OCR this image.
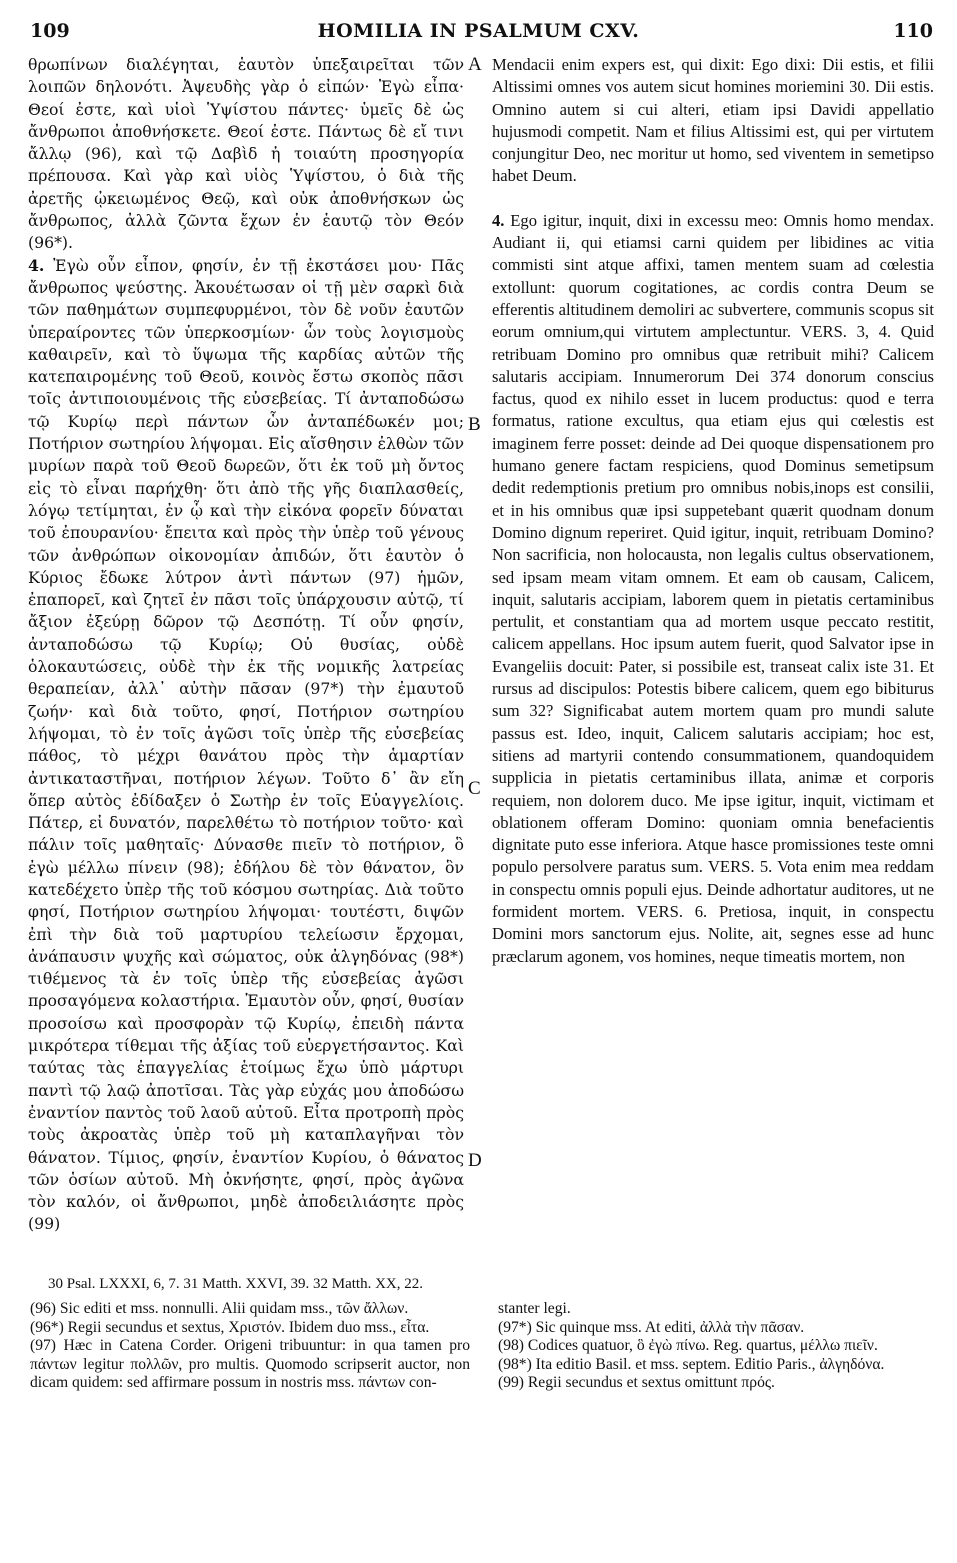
109	HOMILIA IN PSALMUM CXV.	110

θρωπίνων διαλέγηται, ἑαυτὸν ὑπεξαιρεῖται τῶν λοιπῶν δηλονότι. Ἀψευδὴς γὰρ ὁ εἰπών· Ἐγὼ εἶπα· Θεοί ἐστε, καὶ υἱοὶ Ὑψίστου πάντες· ὑμεῖς δὲ ὡς ἄνθρωποι ἀποθνήσκετε. Θεοί ἐστε. Πάντως δὲ εἴ τινι ἄλλῳ (96), καὶ τῷ Δαβὶδ ἡ τοιαύτη προσηγορία πρέπουσα. Καὶ γὰρ καὶ υἱὸς Ὑψίστου, ὁ διὰ τῆς ἀρετῆς ᾠκειωμένος Θεῷ, καὶ οὐκ ἀποθνήσκων ὡς ἄνθρωπος, ἀλλὰ ζῶντα ἔχων ἐν ἑαυτῷ τὸν Θεόν (96*).

4. Ἐγὼ οὖν εἶπον, φησίν, ἐν τῇ ἐκστάσει μου· Πᾶς ἄνθρωπος ψεύστης. Ἀκουέτωσαν οἱ τῇ μὲν σαρκὶ διὰ τῶν παθημάτων συμπεφυρμένοι, τὸν δὲ νοῦν ἑαυτῶν ὑπεραίροντες τῶν ὑπερκοσμίων· ὧν τοὺς λογισμοὺς καθαιρεῖν, καὶ τὸ ὕψωμα τῆς καρδίας αὐτῶν τῆς κατεπαιρομένης τοῦ Θεοῦ, κοινὸς ἔστω σκοπὸς πᾶσι τοῖς ἀντιποιουμένοις τῆς εὐσεβείας. Τί ἀνταποδώσω τῷ Κυρίῳ περὶ πάντων ὧν ἀνταπέδωκέν μοι; Ποτήριον σωτηρίου λήψομαι. Εἰς αἴσθησιν ἐλθὼν τῶν μυρίων παρὰ τοῦ Θεοῦ δωρεῶν, ὅτι ἐκ τοῦ μὴ ὄντος εἰς τὸ εἶναι παρήχθη· ὅτι ἀπὸ τῆς γῆς διαπλασθείς, λόγῳ τετίμηται, ἐν ᾧ καὶ τὴν εἰκόνα φορεῖν δύναται τοῦ ἐπουρανίου· ἔπειτα καὶ πρὸς τὴν ὑπὲρ τοῦ γένους τῶν ἀνθρώπων οἰκονομίαν ἀπιδών, ὅτι ἑαυτὸν ὁ Κύριος ἔδωκε λύτρον ἀντὶ πάντων (97) ἡμῶν, ἐπαπορεῖ, καὶ ζητεῖ ἐν πᾶσι τοῖς ὑπάρχουσιν αὐτῷ, τί ἄξιον ἐξεύρῃ δῶρον τῷ Δεσπότῃ. Τί οὖν φησίν, ἀνταποδώσω τῷ Κυρίῳ; Οὐ θυσίας, οὐδὲ ὁλοκαυτώσεις, οὐδὲ τὴν ἐκ τῆς νομικῆς λατρείας θεραπείαν, ἀλλ᾽ αὐτὴν πᾶσαν (97*) τὴν ἐμαυτοῦ ζωήν· καὶ διὰ τοῦτο, φησί, Ποτήριον σωτηρίου λήψομαι, τὸ ἐν τοῖς ἀγῶσι τοῖς ὑπὲρ τῆς εὐσεβείας πάθος, τὸ μέχρι θανάτου πρὸς τὴν ἁμαρτίαν ἀντικαταστῆναι, ποτήριον λέγων. Τοῦτο δ᾽ ἂν εἴη ὅπερ αὐτὸς ἐδίδαξεν ὁ Σωτὴρ ἐν τοῖς Εὐαγγελίοις. Πάτερ, εἰ δυνατόν, παρελθέτω τὸ ποτήριον τοῦτο· καὶ πάλιν τοῖς μαθηταῖς· Δύνασθε πιεῖν τὸ ποτήριον, ὃ ἐγὼ μέλλω πίνειν (98); ἐδήλου δὲ τὸν θάνατον, ὃν κατεδέχετο ὑπὲρ τῆς τοῦ κόσμου σωτηρίας. Διὰ τοῦτο φησί, Ποτήριον σωτηρίου λήψομαι· τουτέστι, διψῶν ἐπὶ τὴν διὰ τοῦ μαρτυρίου τελείωσιν ἔρχομαι, ἀνάπαυσιν ψυχῆς καὶ σώματος, οὐκ ἀλγηδόνας (98*) τιθέμενος τὰ ἐν τοῖς ὑπὲρ τῆς εὐσεβείας ἀγῶσι προσαγόμενα κολαστήρια. Ἐμαυτὸν οὖν, φησί, θυσίαν προσοίσω καὶ προσφορὰν τῷ Κυρίῳ, ἐπειδὴ πάντα μικρότερα τίθεμαι τῆς ἀξίας τοῦ εὐεργετήσαντος. Καὶ ταύτας τὰς ἐπαγγελίας ἑτοίμως ἔχω ὑπὸ μάρτυρι παντὶ τῷ λαῷ ἀποτῖσαι. Τὰς γὰρ εὐχάς μου ἀποδώσω ἐναντίον παντὸς τοῦ λαοῦ αὐτοῦ. Εἶτα προτροπὴ πρὸς τοὺς ἀκροατὰς ὑπὲρ τοῦ μὴ καταπλαγῆναι τὸν θάνατον. Τίμιος, φησίν, ἐναντίον Κυρίου, ὁ θάνατος τῶν ὁσίων αὐτοῦ. Μὴ ὀκνήσητε, φησί, πρὸς ἀγῶνα τὸν καλόν, οἱ ἄνθρωποι, μηδὲ ἀποδειλιάσητε πρὸς (99)

A
B
C
D

Mendacii enim expers est, qui dixit: Ego dixi: Dii estis, et filii Altissimi omnes vos autem sicut homines moriemini 30. Dii estis. Omnino autem si cui alteri, etiam ipsi Davidi appellatio hujusmodi competit. Nam et filius Altissimi est, qui per virtutem conjungitur Deo, nec moritur ut homo, sed viventem in semetipso habet Deum.

4. Ego igitur, inquit, dixi in excessu meo: Omnis homo mendax. Audiant ii, qui etiamsi carni quidem per libidines ac vitia commisti sint atque affixi, tamen mentem suam ad cœlestia extollunt: quorum cogitationes, ac cordis contra Deum se efferentis altitudinem demoliri ac subvertere, communis scopus sit eorum omnium,qui virtutem amplectuntur. VERS. 3, 4. Quid retribuam Domino pro omnibus quæ retribuit mihi? Calicem salutaris accipiam. Innumerorum Dei 374 donorum conscius factus, quod ex nihilo esset in lucem productus: quod e terra formatus, ratione excultus, qua etiam ejus qui cœlestis est imaginem ferre posset: deinde ad Dei quoque dispensationem pro humano genere factam respiciens, quod Dominus semetipsum dedit redemptionis pretium pro omnibus nobis,inops est consilii, et in his omnibus quæ ipsi suppetebant quærit quodnam donum Domino dignum reperiret. Quid igitur, inquit, retribuam Domino? Non sacrificia, non holocausta, non legalis cultus observationem, sed ipsam meam vitam omnem. Et eam ob causam, Calicem, inquit, salutaris accipiam, laborem quem in pietatis certaminibus pertulit, et constantiam qua ad mortem usque peccato restitit, calicem appellans. Hoc ipsum autem fuerit, quod Salvator ipse in Evangeliis docuit: Pater, si possibile est, transeat calix iste 31. Et rursus ad discipulos: Potestis bibere calicem, quem ego bibiturus sum 32? Significabat autem mortem quam pro mundi salute passus est. Ideo, inquit, Calicem salutaris accipiam; hoc est, sitiens ad martyrii contendo consummationem, quandoquidem supplicia in pietatis certaminibus illata, animæ et corporis requiem, non dolorem duco. Me ipse igitur, inquit, victimam et oblationem offeram Domino: quoniam omnia benefacientis dignitate puto esse inferiora. Atque hasce promissiones teste omni populo persolvere paratus sum. VERS. 5. Vota enim mea reddam in conspectu omnis populi ejus. Deinde adhortatur auditores, ut ne formident mortem. VERS. 6. Pretiosa, inquit, in conspectu Domini mors sanctorum ejus. Nolite, ait, segnes esse ad hunc præclarum agonem, vos homines, neque timeatis mortem, non

30 Psal. LXXXI, 6, 7. 31 Matth. XXVI, 39. 32 Matth. XX, 22.

(96) Sic editi et mss. nonnulli. Alii quidam mss., τῶν ἄλλων.

(96*) Regii secundus et sextus, Χριστόν. Ibidem duo mss., εἶτα.

(97) Hæc in Catena Corder. Origeni tribuuntur: in qua tamen pro πάντων legitur πολλῶν, pro multis. Quomodo scripserit auctor, non dicam quidem: sed affirmare possum in nostris mss. πάντων con-

stanter legi.

(97*) Sic quinque mss. At editi, ἀλλὰ τὴν πᾶσαν.

(98) Codices quatuor, ὃ ἐγὼ πίνω. Reg. quartus, μέλλω πιεῖν.

(98*) Ita editio Basil. et mss. septem. Editio Paris., ἀλγηδόνα.

(99) Regii secundus et sextus omittunt πρός.
